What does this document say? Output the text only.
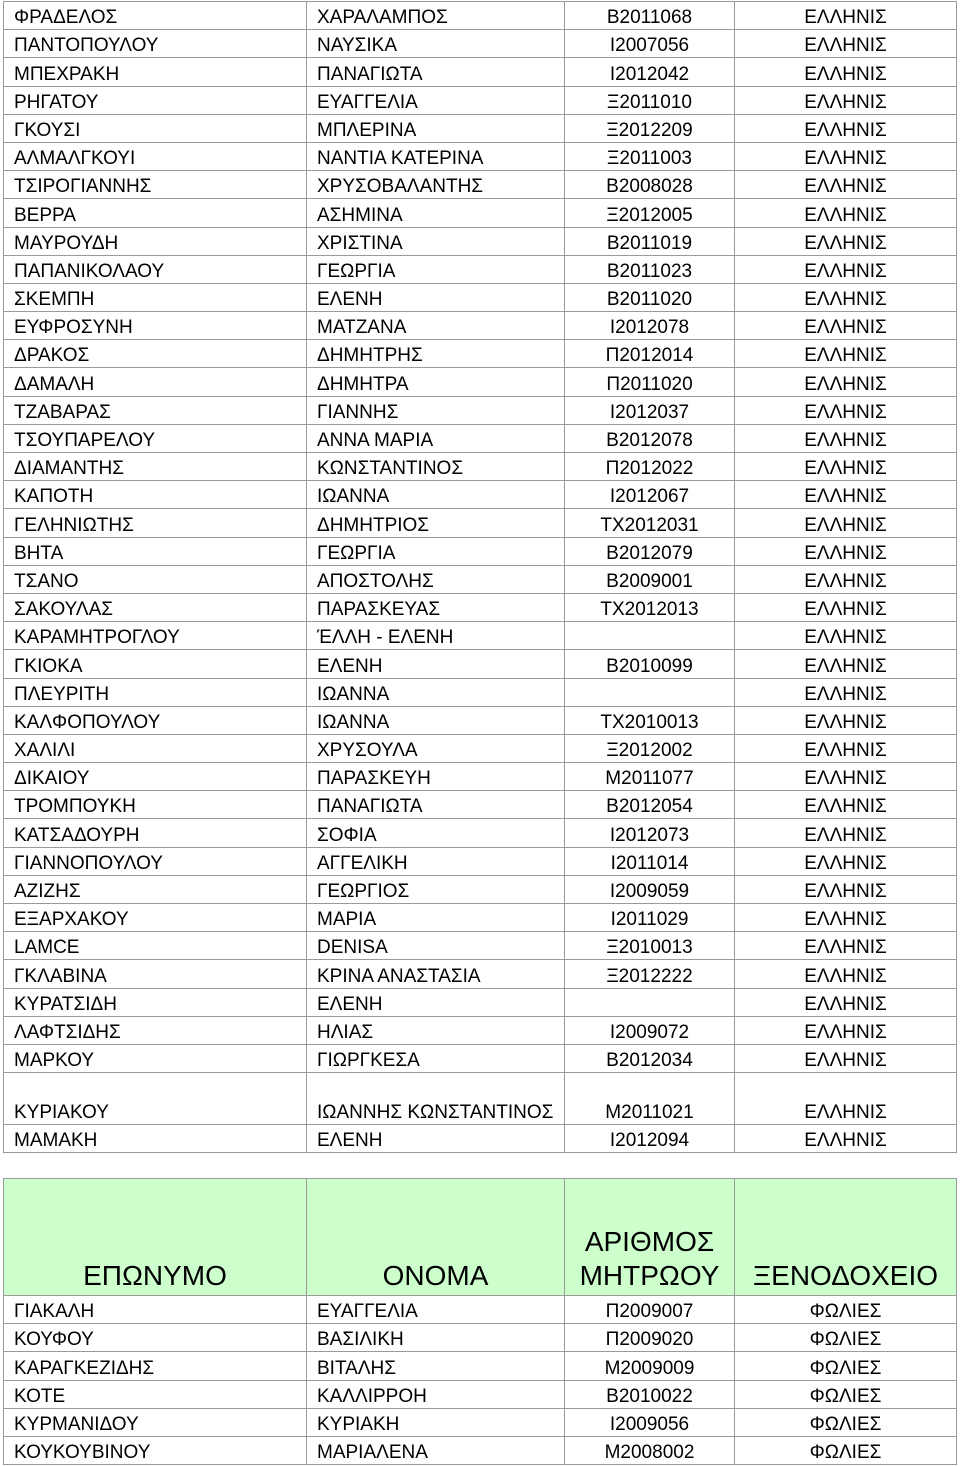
ΦΡΑΔΕΛΟΣ	ΧΑΡΑΛΑΜΠΟΣ	Β2011068	ΕΛΛΗΝΙΣ
ΠΑΝΤΟΠΟΥΛΟΥ	ΝΑΥΣΙΚΑ	Ι2007056	ΕΛΛΗΝΙΣ
ΜΠΕΧΡΑΚΗ	ΠΑΝΑΓΙΩΤΑ	Ι2012042	ΕΛΛΗΝΙΣ
ΡΗΓΑΤΟΥ	ΕΥΑΓΓΕΛΙΑ	Ξ2011010	ΕΛΛΗΝΙΣ
ΓΚΟΥΣΙ	ΜΠΛΕΡΙΝΑ	Ξ2012209	ΕΛΛΗΝΙΣ
ΑΛΜΑΛΓΚΟΥΙ	ΝΑΝΤΙΑ ΚΑΤΕΡΙΝΑ	Ξ2011003	ΕΛΛΗΝΙΣ
ΤΣΙΡΟΓΙΑΝΝΗΣ	ΧΡΥΣΟΒΑΛΑΝΤΗΣ	Β2008028	ΕΛΛΗΝΙΣ
ΒΕΡΡΑ	ΑΣΗΜΙΝΑ	Ξ2012005	ΕΛΛΗΝΙΣ
ΜΑΥΡΟΥΔΗ	ΧΡΙΣΤΙΝΑ	Β2011019	ΕΛΛΗΝΙΣ
ΠΑΠΑΝΙΚΟΛΑΟΥ	ΓΕΩΡΓΙΑ	Β2011023	ΕΛΛΗΝΙΣ
ΣΚΕΜΠΗ	ΕΛΕΝΗ	Β2011020	ΕΛΛΗΝΙΣ
ΕΥΦΡΟΣΥΝΗ	ΜΑΤΖΑΝΑ	Ι2012078	ΕΛΛΗΝΙΣ
ΔΡΑΚΟΣ	ΔΗΜΗΤΡΗΣ	Π2012014	ΕΛΛΗΝΙΣ
ΔΑΜΑΛΗ	ΔΗΜΗΤΡΑ	Π2011020	ΕΛΛΗΝΙΣ
ΤΖΑΒΑΡΑΣ	ΓΙΑΝΝΗΣ	Ι2012037	ΕΛΛΗΝΙΣ
ΤΣΟΥΠΑΡΕΛΟΥ	ΑΝΝΑ ΜΑΡΙΑ	Β2012078	ΕΛΛΗΝΙΣ
ΔΙΑΜΑΝΤΗΣ	ΚΩΝΣΤΑΝΤΙΝΟΣ	Π2012022	ΕΛΛΗΝΙΣ
ΚΑΠΟΤΗ	ΙΩΑΝΝΑ	Ι2012067	ΕΛΛΗΝΙΣ
ΓΕΛΗΝΙΩΤΗΣ	ΔΗΜΗΤΡΙΟΣ	ΤΧ2012031	ΕΛΛΗΝΙΣ
ΒΗΤΑ	ΓΕΩΡΓΙΑ	Β2012079	ΕΛΛΗΝΙΣ
ΤΣΑΝΟ	ΑΠΟΣΤΟΛΗΣ	Β2009001	ΕΛΛΗΝΙΣ
ΣΑΚΟΥΛΑΣ	ΠΑΡΑΣΚΕΥΑΣ	ΤΧ2012013	ΕΛΛΗΝΙΣ
ΚΑΡΑΜΗΤΡΟΓΛΟΥ	ΈΛΛΗ - ΕΛΕΝΗ		ΕΛΛΗΝΙΣ
ΓΚΙΟΚΑ	ΕΛΕΝΗ	Β2010099	ΕΛΛΗΝΙΣ
ΠΛΕΥΡΙΤΗ	ΙΩΑΝΝΑ		ΕΛΛΗΝΙΣ
ΚΑΛΦΟΠΟΥΛΟΥ	ΙΩΑΝΝΑ	ΤΧ2010013	ΕΛΛΗΝΙΣ
ΧΑΛΙΛΙ	ΧΡΥΣΟΥΛΑ	Ξ2012002	ΕΛΛΗΝΙΣ
ΔΙΚΑΙΟΥ	ΠΑΡΑΣΚΕΥΗ	Μ2011077	ΕΛΛΗΝΙΣ
ΤΡΟΜΠΟΥΚΗ	ΠΑΝΑΓΙΩΤΑ	Β2012054	ΕΛΛΗΝΙΣ
ΚΑΤΣΑΔΟΥΡΗ	ΣΟΦΙΑ	Ι2012073	ΕΛΛΗΝΙΣ
ΓΙΑΝΝΟΠΟΥΛΟΥ	ΑΓΓΕΛΙΚΗ	Ι2011014	ΕΛΛΗΝΙΣ
ΑΖΙΖΗΣ	ΓΕΩΡΓΙΟΣ	Ι2009059	ΕΛΛΗΝΙΣ
ΕΞΑΡΧΑΚΟΥ	ΜΑΡΙΑ	Ι2011029	ΕΛΛΗΝΙΣ
LAMCE	DENISA	Ξ2010013	ΕΛΛΗΝΙΣ
ΓΚΛΑΒΙΝΑ	ΚΡΙΝΑ ΑΝΑΣΤΑΣΙΑ	Ξ2012222	ΕΛΛΗΝΙΣ
ΚΥΡΑΤΣΙΔΗ	ΕΛΕΝΗ		ΕΛΛΗΝΙΣ
ΛΑΦΤΣΙΔΗΣ	ΗΛΙΑΣ	Ι2009072	ΕΛΛΗΝΙΣ
ΜΑΡΚΟΥ	ΓΙΩΡΓΚΕΣΑ	Β2012034	ΕΛΛΗΝΙΣ
ΚΥΡΙΑΚΟΥ	ΙΩΑΝΝΗΣ ΚΩΝΣΤΑΝΤΙΝΟΣ	Μ2011021	ΕΛΛΗΝΙΣ
ΜΑΜΑΚΗ	ΕΛΕΝΗ	Ι2012094	ΕΛΛΗΝΙΣ
ΕΠΩΝΥΜΟ	ΟΝΟΜΑ	ΑΡΙΘΜΟΣ ΜΗΤΡΩΟΥ	ΞΕΝΟΔΟΧΕΙΟ
ΓΙΑΚΑΛΗ	ΕΥΑΓΓΕΛΙΑ	Π2009007	ΦΩΛΙΕΣ
ΚΟΥΦΟΥ	ΒΑΣΙΛΙΚΗ	Π2009020	ΦΩΛΙΕΣ
ΚΑΡΑΓΚΕΖΙΔΗΣ	ΒΙΤΑΛΗΣ	Μ2009009	ΦΩΛΙΕΣ
ΚΟΤΕ	ΚΑΛΛΙΡΡΟΗ	Β2010022	ΦΩΛΙΕΣ
ΚΥΡΜΑΝΙΔΟΥ	ΚΥΡΙΑΚΗ	Ι2009056	ΦΩΛΙΕΣ
ΚΟΥΚΟΥΒΙΝΟΥ	ΜΑΡΙΑΛΕΝΑ	Μ2008002	ΦΩΛΙΕΣ
